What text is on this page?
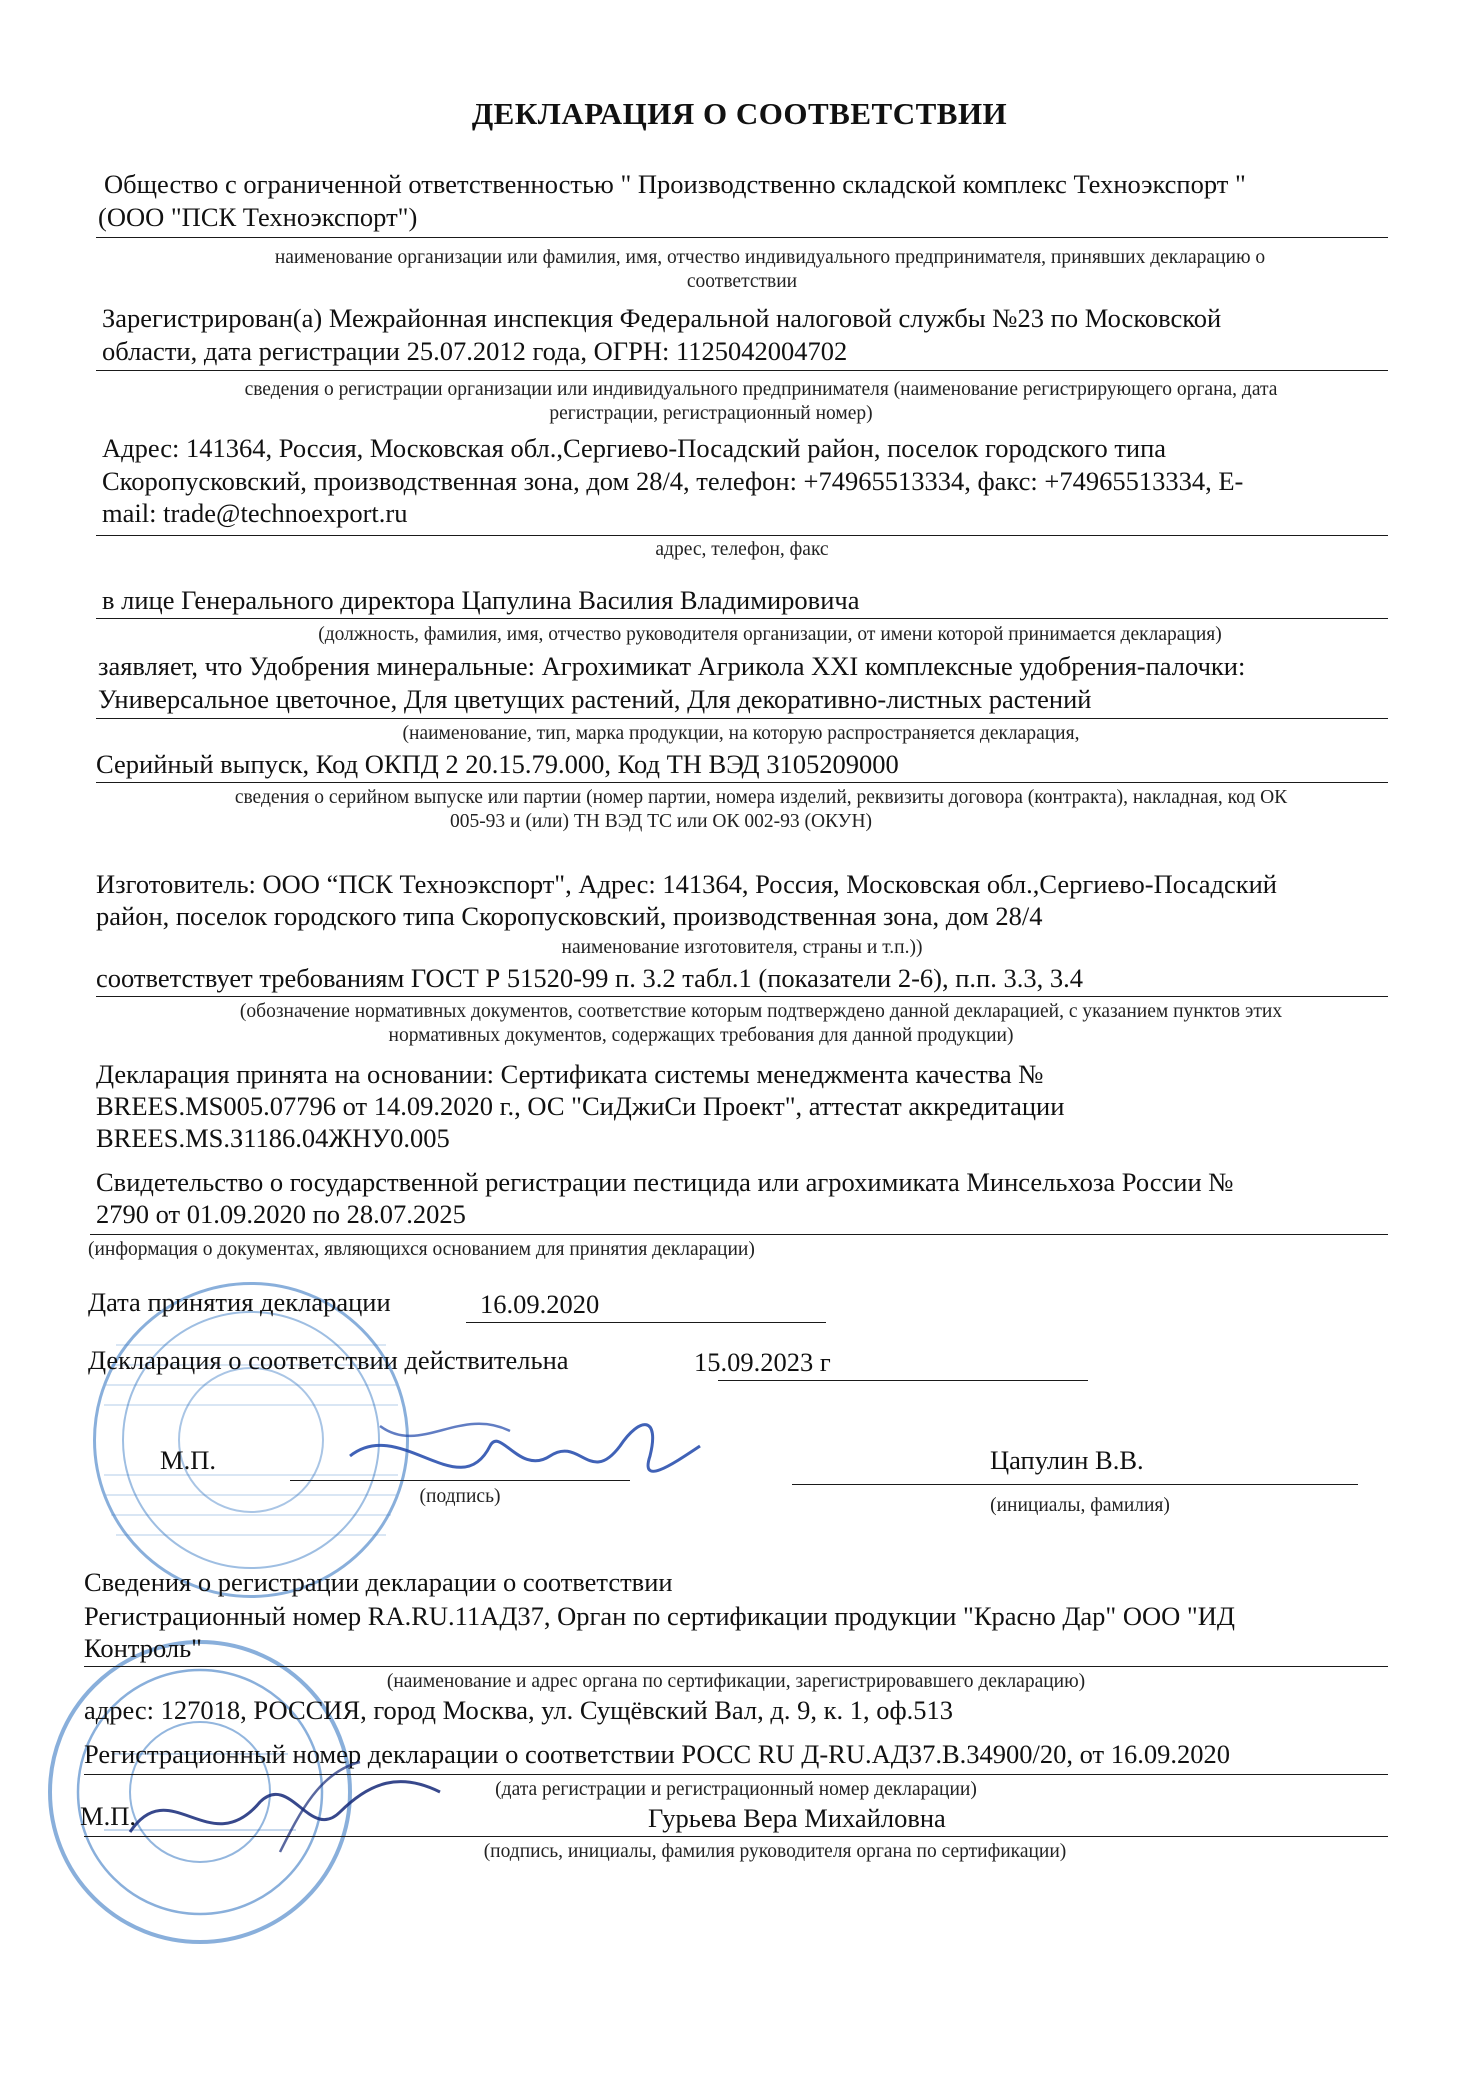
ДЕКЛАРАЦИЯ О СООТВЕТСТВИИ
Общество с ограниченной ответственностью " Производственно складской комплекс Техноэкспорт "
(ООО "ПСК Техноэкспорт")
наименование организации или фамилия, имя, отчество индивидуального предпринимателя, принявших декларацию о
соответствии
Зарегистрирован(а) Межрайонная инспекция Федеральной налоговой службы №23 по Московской
области, дата регистрации 25.07.2012 года, ОГРН: 1125042004702
сведения о регистрации организации или индивидуального предпринимателя (наименование регистрирующего органа, дата
регистрации, регистрационный номер)
Адрес: 141364, Россия, Московская обл.,Сергиево-Посадский район, поселок городского типа
Скоропусковский, производственная зона, дом 28/4, телефон: +74965513334, факс: +74965513334, E-
mail: trade@technoexport.ru
адрес, телефон, факс
в лице Генерального директора Цапулина Василия Владимировича
(должность, фамилия, имя, отчество руководителя организации, от имени которой принимается декларация)
заявляет, что Удобрения минеральные: Агрохимикат Агрикола XXI комплексные удобрения-палочки:
Универсальное цветочное, Для цветущих растений, Для декоративно-листных растений
(наименование, тип, марка продукции, на которую распространяется декларация,
Серийный выпуск, Код ОКПД 2 20.15.79.000, Код ТН ВЭД 3105209000
сведения о серийном выпуске или партии (номер партии, номера изделий, реквизиты договора (контракта), накладная, код ОК
005-93 и (или) ТН ВЭД ТС или ОК 002-93 (ОКУН)
Изготовитель: ООО “ПСК Техноэкспорт", Адрес: 141364, Россия, Московская обл.,Сергиево-Посадский
район, поселок городского типа Скоропусковский, производственная зона, дом 28/4
наименование изготовителя, страны и т.п.))
соответствует требованиям ГОСТ Р 51520-99 п. 3.2 табл.1 (показатели 2-6), п.п. 3.3, 3.4
(обозначение нормативных документов, соответствие которым подтверждено данной декларацией, с указанием пунктов этих
нормативных документов, содержащих требования для данной продукции)
Декларация принята на основании: Сертификата системы менеджмента качества №
BREES.MS005.07796 от 14.09.2020 г., ОС "СиДжиСи Проект", аттестат аккредитации
BREES.MS.З1186.04ЖНУ0.005
Свидетельство о государственной регистрации пестицида или агрохимиката Минсельхоза России №
2790 от 01.09.2020 по 28.07.2025
(информация о документах, являющихся основанием для принятия декларации)
Дата принятия декларации	16.09.2020
Декларация о соответствии действительна	15.09.2023 г
М.П.
(подпись)
Цапулин В.В.
(инициалы, фамилия)
Сведения о регистрации декларации о соответствии
Регистрационный номер RA.RU.11АД37, Орган по сертификации продукции "Красно Дар" ООО "ИД
Контроль"
(наименование и адрес органа по сертификации, зарегистрировавшего декларацию)
адрес: 127018, РОССИЯ, город Москва, ул. Сущёвский Вал, д. 9, к. 1, оф.513
Регистрационный номер декларации о соответствии РОСС RU Д-RU.АД37.В.34900/20, от 16.09.2020
(дата регистрации и регистрационный номер декларации)
М.П.	Гурьева Вера Михайловна
(подпись, инициалы, фамилия руководителя органа по сертификации)
